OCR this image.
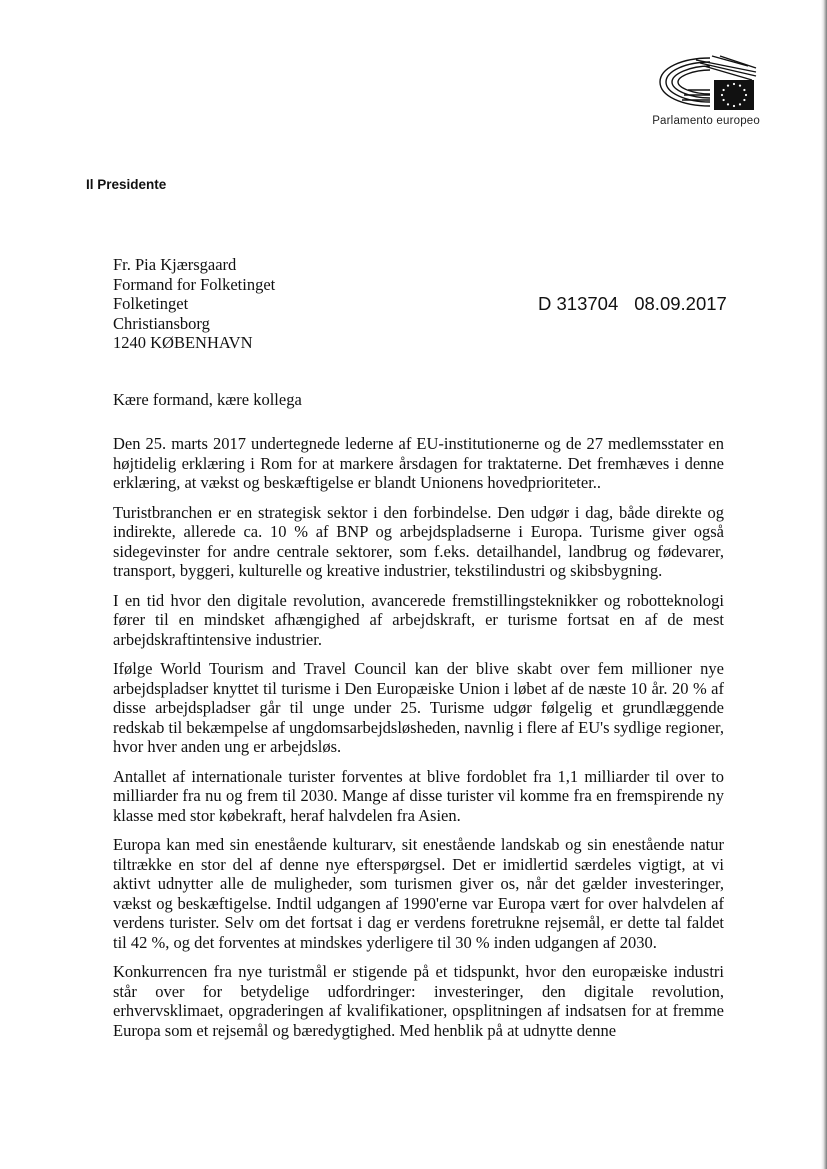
Parlamento europeo
Il Presidente
Fr. Pia Kjærsgaard
Formand for Folketinget
Folketinget
Christiansborg
1240 KØBENHAVN
D 313704 08.09.2017
Kære formand, kære kollega

Den 25. marts 2017 undertegnede lederne af EU-institutionerne og de 27 medlemsstater en højtidelig erklæring i Rom for at markere årsdagen for traktaterne. Det fremhæves i denne erklæring, at vækst og beskæftigelse er blandt Unionens hovedprioriteter..

Turistbranchen er en strategisk sektor i den forbindelse. Den udgør i dag, både direkte og indirekte, allerede ca. 10 % af BNP og arbejdspladserne i Europa. Turisme giver også sidegevinster for andre centrale sektorer, som f.eks. detailhandel, landbrug og fødevarer, transport, byggeri, kulturelle og kreative industrier, tekstilindustri og skibsbygning.

I en tid hvor den digitale revolution, avancerede fremstillingsteknikker og robotteknologi fører til en mindsket afhængighed af arbejdskraft, er turisme fortsat en af de mest arbejdskraftintensive industrier.

Ifølge World Tourism and Travel Council kan der blive skabt over fem millioner nye arbejdspladser knyttet til turisme i Den Europæiske Union i løbet af de næste 10 år. 20 % af disse arbejdspladser går til unge under 25. Turisme udgør følgelig et grundlæggende redskab til bekæmpelse af ungdomsarbejdsløsheden, navnlig i flere af EU's sydlige regioner, hvor hver anden ung er arbejdsløs.

Antallet af internationale turister forventes at blive fordoblet fra 1,1 milliarder til over to milliarder fra nu og frem til 2030. Mange af disse turister vil komme fra en fremspirende ny klasse med stor købekraft, heraf halvdelen fra Asien.

Europa kan med sin enestående kulturarv, sit enestående landskab og sin enestående natur tiltrække en stor del af denne nye efterspørgsel. Det er imidlertid særdeles vigtigt, at vi aktivt udnytter alle de muligheder, som turismen giver os, når det gælder investeringer, vækst og beskæftigelse. Indtil udgangen af 1990'erne var Europa vært for over halvdelen af verdens turister. Selv om det fortsat i dag er verdens foretrukne rejsemål, er dette tal faldet til 42 %, og det forventes at mindskes yderligere til 30 % inden udgangen af 2030.

Konkurrencen fra nye turistmål er stigende på et tidspunkt, hvor den europæiske industri står over for betydelige udfordringer: investeringer, den digitale revolution, erhvervsklimaet, opgraderingen af kvalifikationer, opsplitningen af indsatsen for at fremme Europa som et rejsemål og bæredygtighed. Med henblik på at udnytte denne
